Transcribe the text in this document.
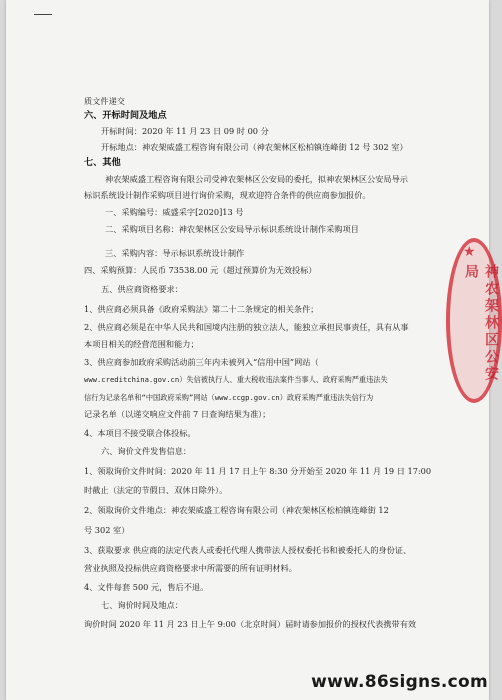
质文件递交
六、开标时间及地点
开标时间：2020 年 11 月 23 日 09 时 00 分
开标地点：神农架威盛工程咨询有限公司（神农架林区松柏镇连峰街 12 号 302 室）
七、其他
神农架威盛工程咨询有限公司受神农架林区公安局的委托，拟神农架林区公安局导示
标识系统设计制作采购项目进行询价采购，现欢迎符合条件的供应商参加报价。
一、采购编号：威盛采字[2020]13 号
二、采购项目名称：神农架林区公安局导示标识系统设计制作采购项目
三、采购内容：导示标识系统设计制作
四、采购预算：人民币 73538.00 元（超过预算价为无效投标）
五、供应商资格要求：
1、供应商必须具备《政府采购法》第二十二条规定的相关条件；
2、供应商必须是在中华人民共和国境内注册的独立法人，能独立承担民事责任，具有从事
本项目相关的经营范围和能力；
3、供应商参加政府采购活动前三年内未被列入“信用中国”网站（
www.creditchina.gov.cn）失信被执行人、重大税收违法案件当事人、政府采购严重违法失
信行为记录名单和“中国政府采购”网站（www.ccgp.gov.cn）政府采购严重违法失信行为
记录名单（以递交响应文件前 7 日查询结果为准）；
4、本项目不接受联合体投标。
六、询价文件发售信息：
1、领取询价文件时间：2020 年 11 月 17 日上午 8:30 分开始至 2020 年 11 月 19 日 17:00
时截止（法定的节假日、双休日除外）。
2、领取询价文件地点：神农架威盛工程咨询有限公司（神农架林区松柏镇连峰街 12
号 302 室）
3、获取要求 供应商的法定代表人或委托代理人携带法人授权委托书和被委托人的身份证、
营业执照及投标供应商资格要求中所需要的所有证明材料。
4、文件每套 500 元，售后不退。
七、询价时间及地点：
询价时间 2020 年 11 月 23 日上午 9:00（北京时间）届时请参加报价的授权代表携带有效
★
神农架林区公安局
www.86signs.com
